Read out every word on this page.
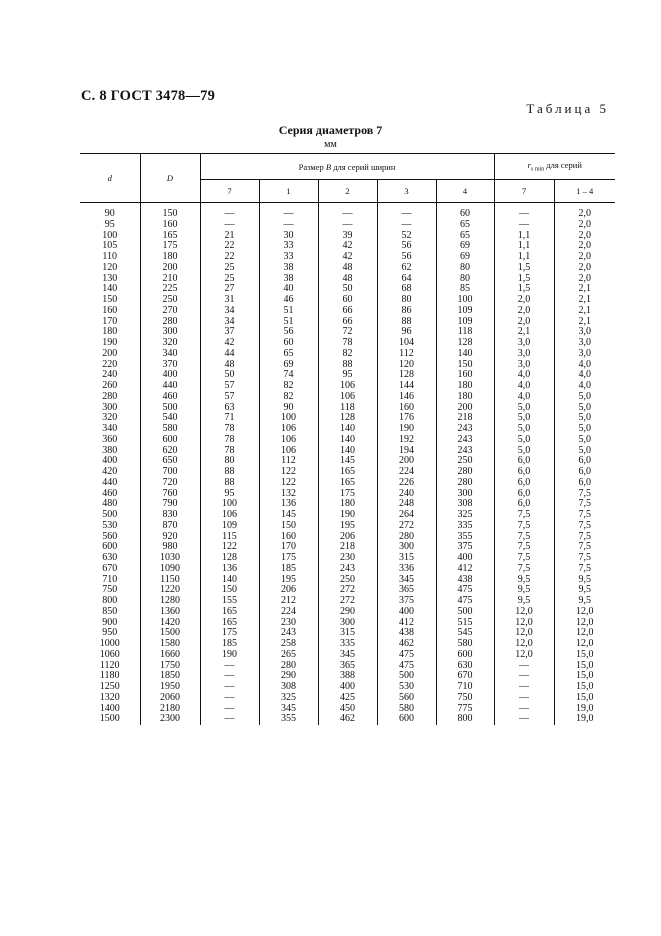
С. 8 ГОСТ 3478—79
Таблица 5
Серия диаметров 7
мм
d	D	Размер B для серий ширин					$r_{s min}$ для серий	
		7	1	2	3	4	7	1 – 4

90	150	—	—	—	—	60	—	2,0
95	160	—	—	—	—	65	—	2,0
100	165	21	30	39	52	65	1,1	2,0
105	175	22	33	42	56	69	1,1	2,0
110	180	22	33	42	56	69	1,1	2,0
120	200	25	38	48	62	80	1,5	2,0
130	210	25	38	48	64	80	1,5	2,0
140	225	27	40	50	68	85	1,5	2,1
150	250	31	46	60	80	100	2,0	2,1
160	270	34	51	66	86	109	2,0	2,1
170	280	34	51	66	88	109	2,0	2,1
180	300	37	56	72	96	118	2,1	3,0
190	320	42	60	78	104	128	3,0	3,0
200	340	44	65	82	112	140	3,0	3,0
220	370	48	69	88	120	150	3,0	4,0
240	400	50	74	95	128	160	4,0	4,0
260	440	57	82	106	144	180	4,0	4,0
280	460	57	82	106	146	180	4,0	5,0
300	500	63	90	118	160	200	5,0	5,0
320	540	71	100	128	176	218	5,0	5,0
340	580	78	106	140	190	243	5,0	5,0
360	600	78	106	140	192	243	5,0	5,0
380	620	78	106	140	194	243	5,0	5,0
400	650	80	112	145	200	250	6,0	6,0
420	700	88	122	165	224	280	6,0	6,0
440	720	88	122	165	226	280	6,0	6,0
460	760	95	132	175	240	300	6,0	7,5
480	790	100	136	180	248	308	6,0	7,5
500	830	106	145	190	264	325	7,5	7,5
530	870	109	150	195	272	335	7,5	7,5
560	920	115	160	206	280	355	7,5	7,5
600	980	122	170	218	300	375	7,5	7,5
630	1030	128	175	230	315	400	7,5	7,5
670	1090	136	185	243	336	412	7,5	7,5
710	1150	140	195	250	345	438	9,5	9,5
750	1220	150	206	272	365	475	9,5	9,5
800	1280	155	212	272	375	475	9,5	9,5
850	1360	165	224	290	400	500	12,0	12,0
900	1420	165	230	300	412	515	12,0	12,0
950	1500	175	243	315	438	545	12,0	12,0
1000	1580	185	258	335	462	580	12,0	12,0
1060	1660	190	265	345	475	600	12,0	15,0
1120	1750	—	280	365	475	630	—	15,0
1180	1850	—	290	388	500	670	—	15,0
1250	1950	—	308	400	530	710	—	15,0
1320	2060	—	325	425	560	750	—	15,0
1400	2180	—	345	450	580	775	—	19,0
1500	2300	—	355	462	600	800	—	19,0
